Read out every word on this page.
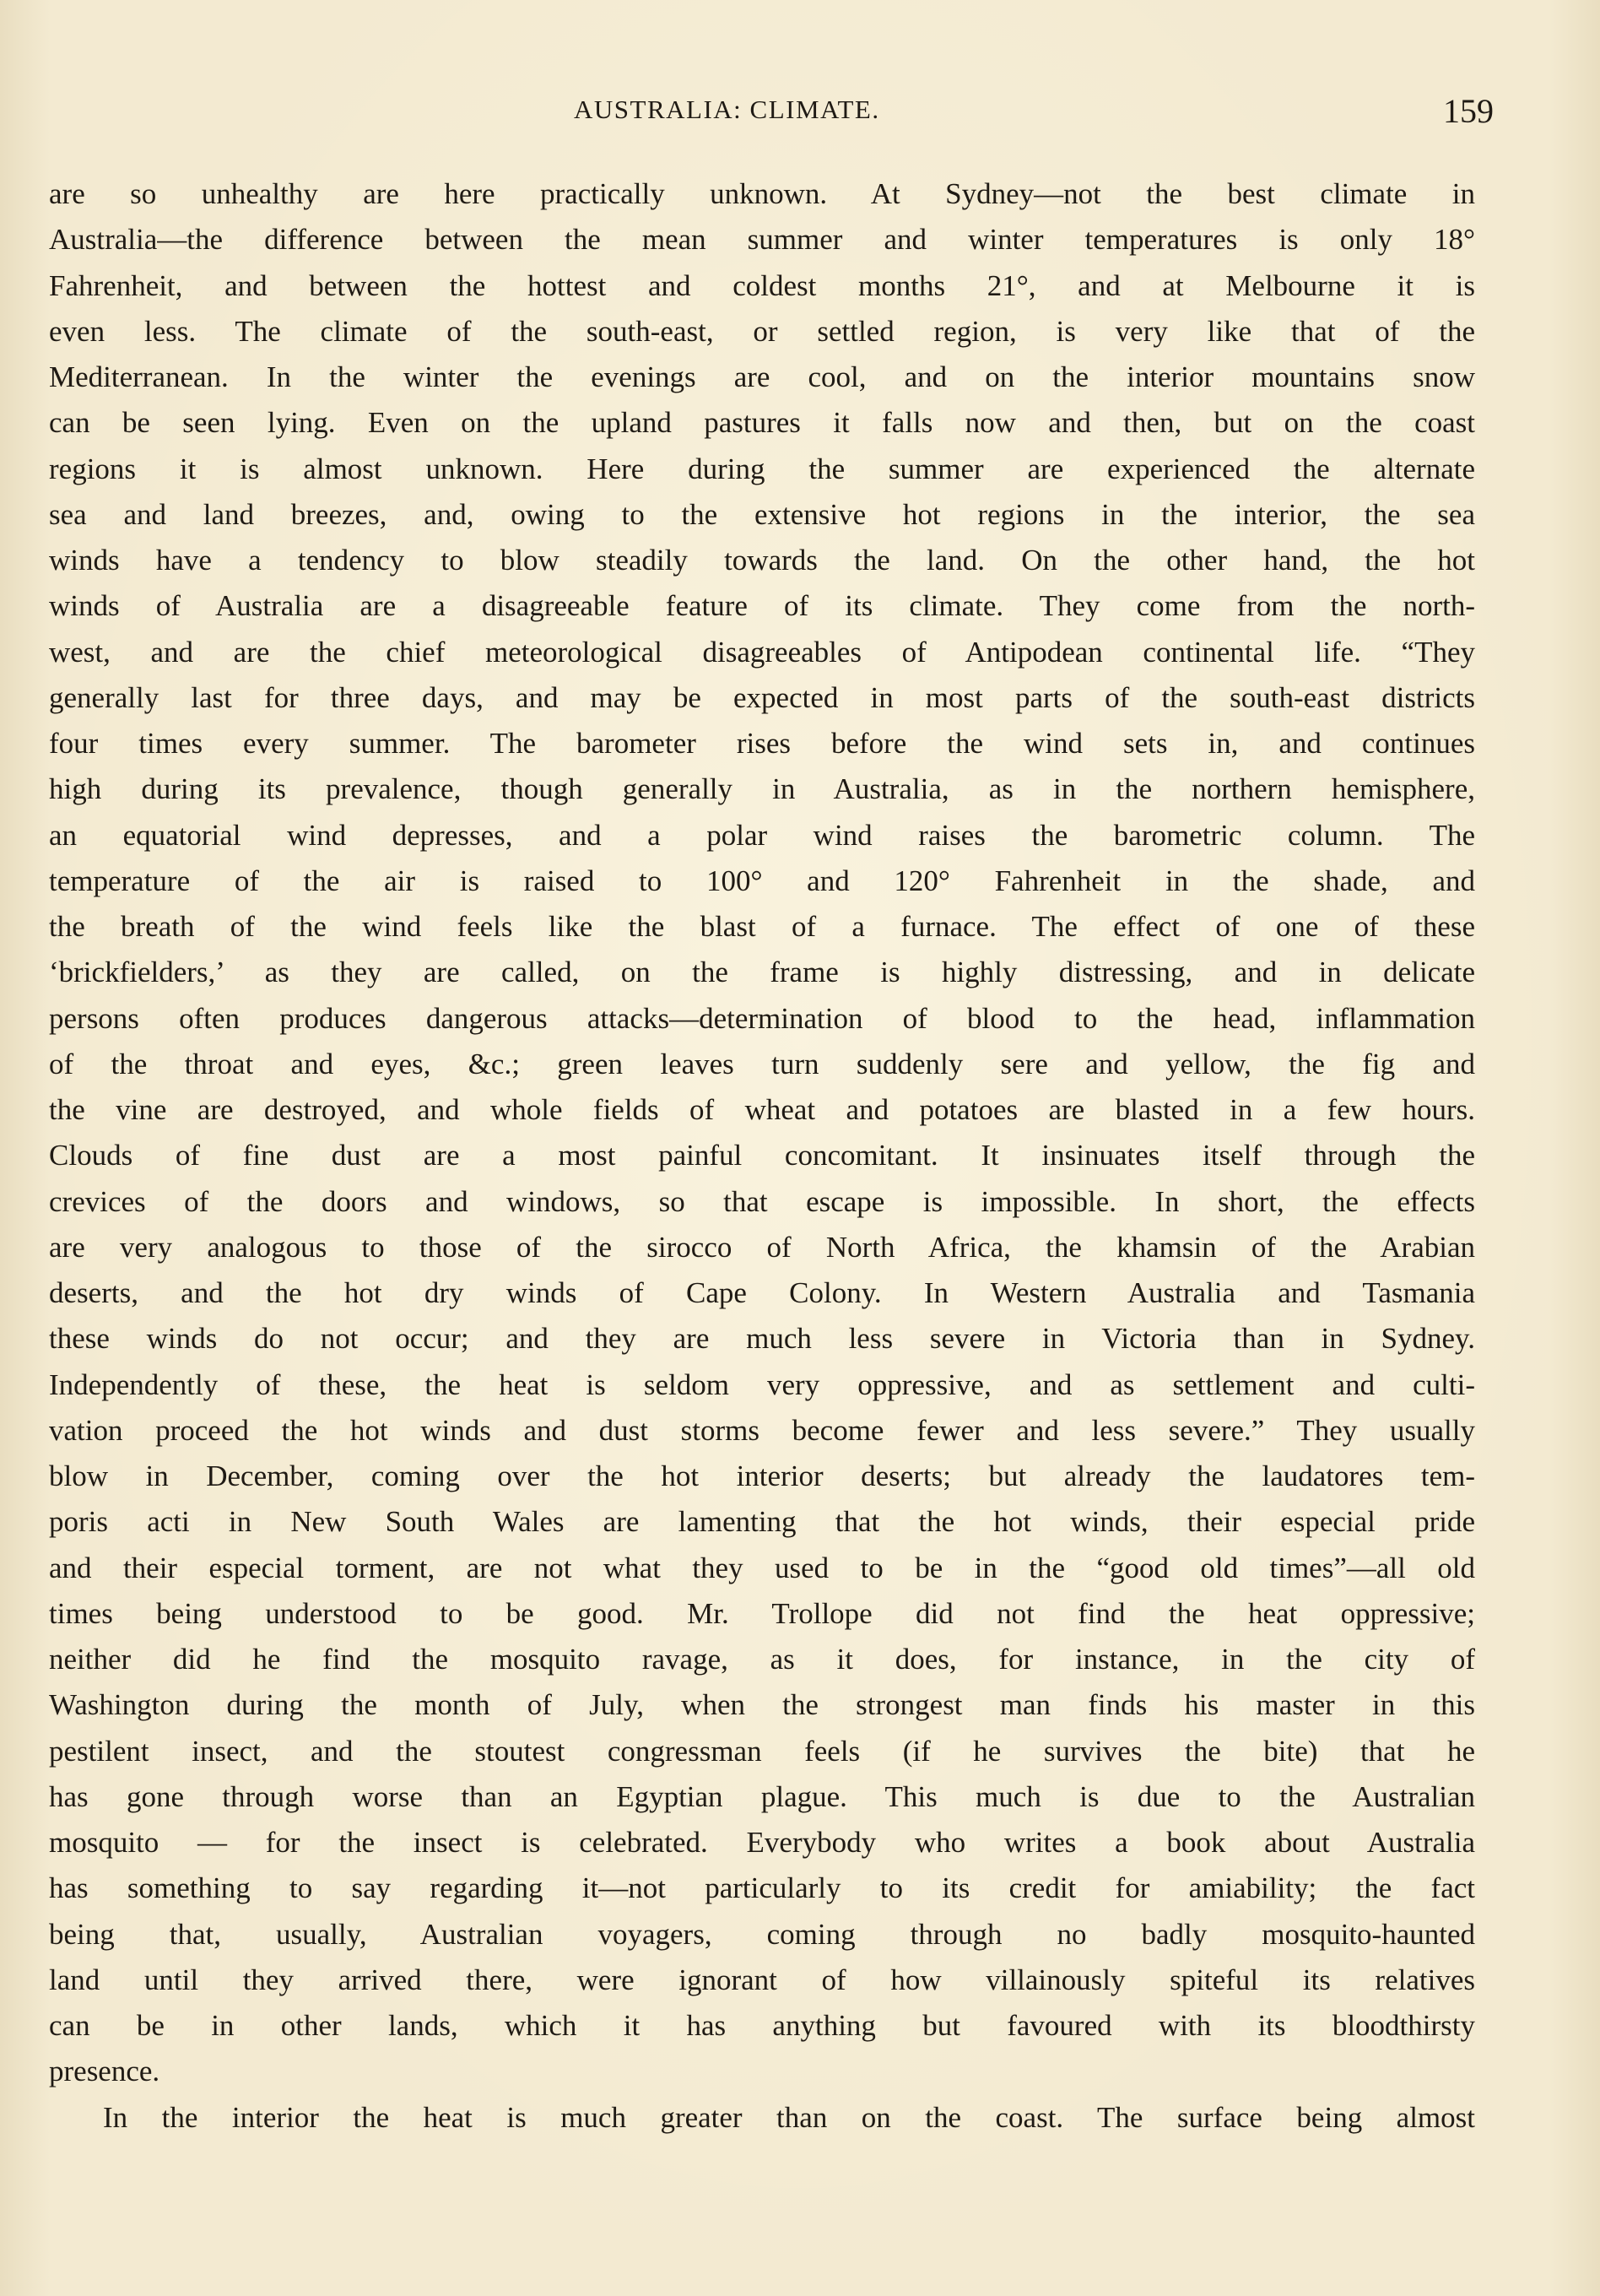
AUSTRALIA: CLIMATE.	159
are so unhealthy are here practically unknown. At Sydney—not the best climate in
Australia—the difference between the mean summer and winter temperatures is only 18°
Fahrenheit, and between the hottest and coldest months 21°, and at Melbourne it is
even less. The climate of the south-east, or settled region, is very like that of the
Mediterranean. In the winter the evenings are cool, and on the interior mountains snow
can be seen lying. Even on the upland pastures it falls now and then, but on the coast
regions it is almost unknown. Here during the summer are experienced the alternate
sea and land breezes, and, owing to the extensive hot regions in the interior, the sea
winds have a tendency to blow steadily towards the land. On the other hand, the hot
winds of Australia are a disagreeable feature of its climate. They come from the north-
west, and are the chief meteorological disagreeables of Antipodean continental life. “They
generally last for three days, and may be expected in most parts of the south-east districts
four times every summer. The barometer rises before the wind sets in, and continues
high during its prevalence, though generally in Australia, as in the northern hemisphere,
an equatorial wind depresses, and a polar wind raises the barometric column. The
temperature of the air is raised to 100° and 120° Fahrenheit in the shade, and
the breath of the wind feels like the blast of a furnace. The effect of one of these
‘brickfielders,’ as they are called, on the frame is highly distressing, and in delicate
persons often produces dangerous attacks—determination of blood to the head, inflammation
of the throat and eyes, &c.; green leaves turn suddenly sere and yellow, the fig and
the vine are destroyed, and whole fields of wheat and potatoes are blasted in a few hours.
Clouds of fine dust are a most painful concomitant. It insinuates itself through the
crevices of the doors and windows, so that escape is impossible. In short, the effects
are very analogous to those of the sirocco of North Africa, the khamsin of the Arabian
deserts, and the hot dry winds of Cape Colony. In Western Australia and Tasmania
these winds do not occur; and they are much less severe in Victoria than in Sydney.
Independently of these, the heat is seldom very oppressive, and as settlement and culti-
vation proceed the hot winds and dust storms become fewer and less severe.” They usually
blow in December, coming over the hot interior deserts; but already the laudatores tem-
poris acti in New South Wales are lamenting that the hot winds, their especial pride
and their especial torment, are not what they used to be in the “good old times”—all old
times being understood to be good. Mr. Trollope did not find the heat oppressive;
neither did he find the mosquito ravage, as it does, for instance, in the city of
Washington during the month of July, when the strongest man finds his master in this
pestilent insect, and the stoutest congressman feels (if he survives the bite) that he
has gone through worse than an Egyptian plague. This much is due to the Australian
mosquito — for the insect is celebrated. Everybody who writes a book about Australia
has something to say regarding it—not particularly to its credit for amiability; the fact
being that, usually, Australian voyagers, coming through no badly mosquito-haunted
land until they arrived there, were ignorant of how villainously spiteful its relatives
can be in other lands, which it has anything but favoured with its bloodthirsty
presence.
In the interior the heat is much greater than on the coast. The surface being almost
